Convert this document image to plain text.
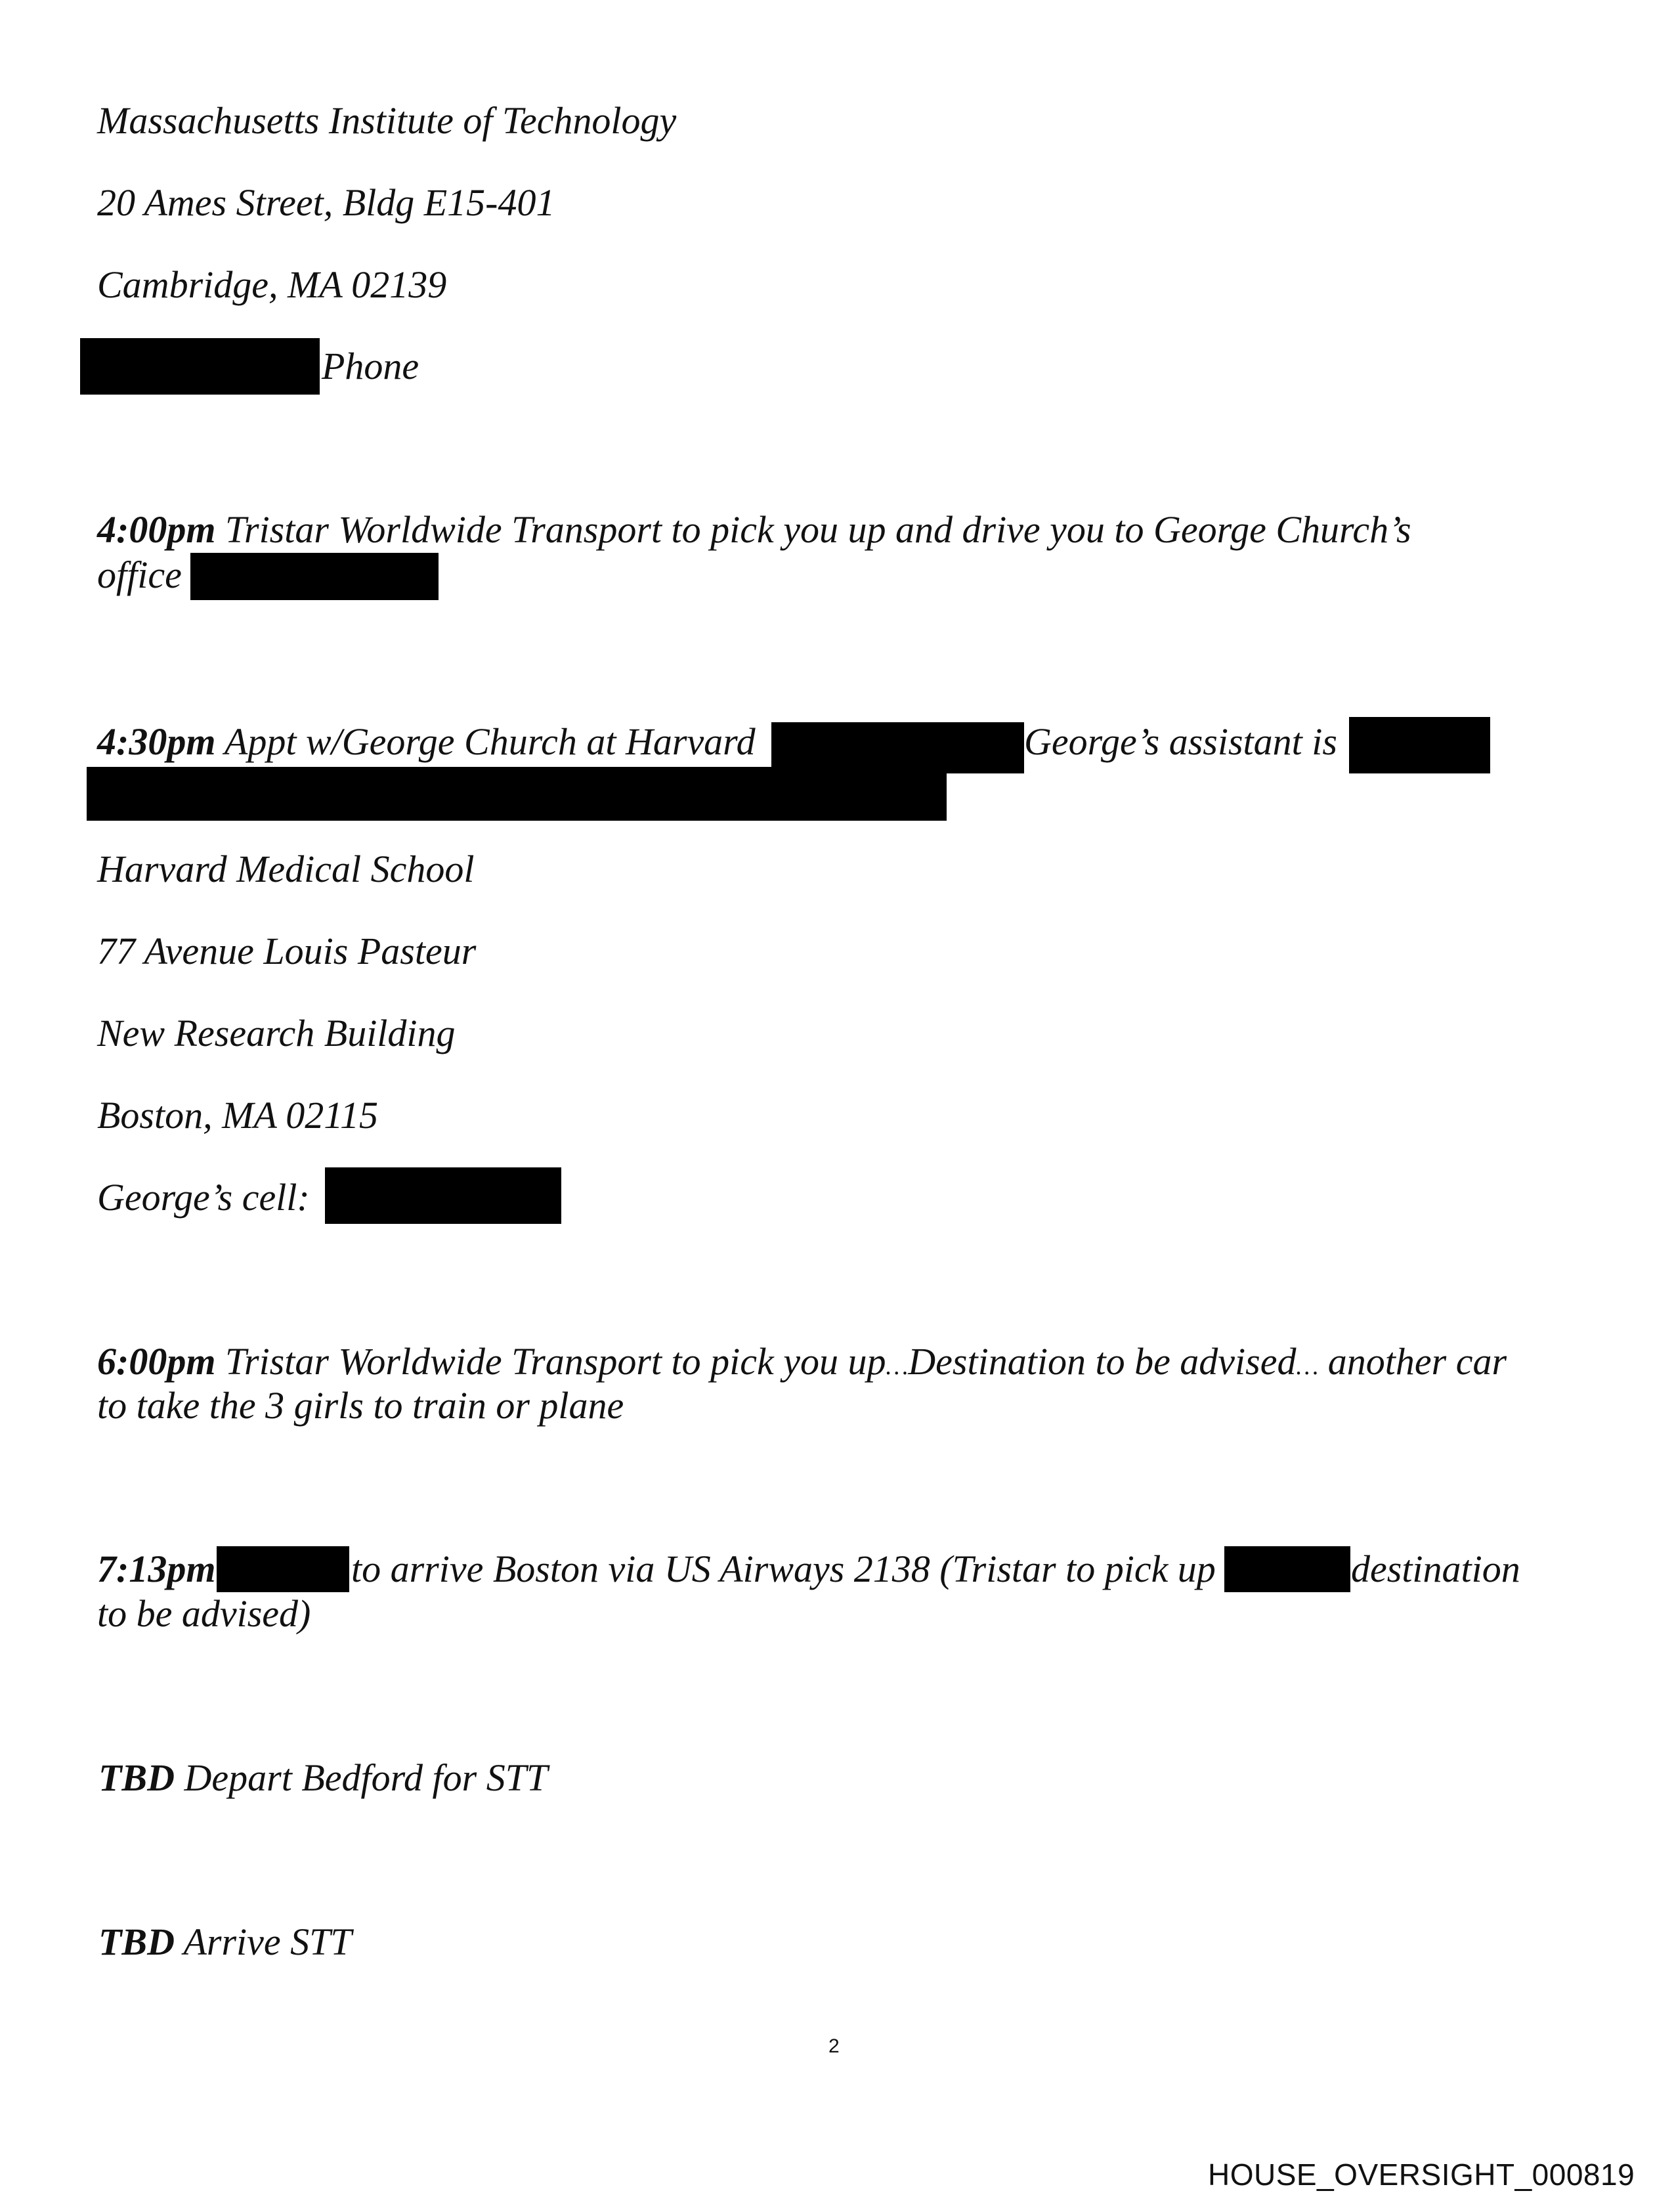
Massachusetts Institute of Technology
20 Ames Street, Bldg E15-401
Cambridge, MA 02139
Phone
4:00pm Tristar Worldwide Transport to pick you up and drive you to George Church’s
office
4:30pm Appt w/George Church at Harvard	George’s assistant is
Harvard Medical School
77 Avenue Louis Pasteur
New Research Building
Boston, MA 02115
George’s cell:
6:00pm Tristar Worldwide Transport to pick you up…Destination to be advised… another car
to take the 3 girls to train or plane
7:13pm	to arrive Boston via US Airways 2138 (Tristar to pick up	destination
to be advised)
TBD Depart Bedford for STT
TBD Arrive STT
2
HOUSE_OVERSIGHT_000819
